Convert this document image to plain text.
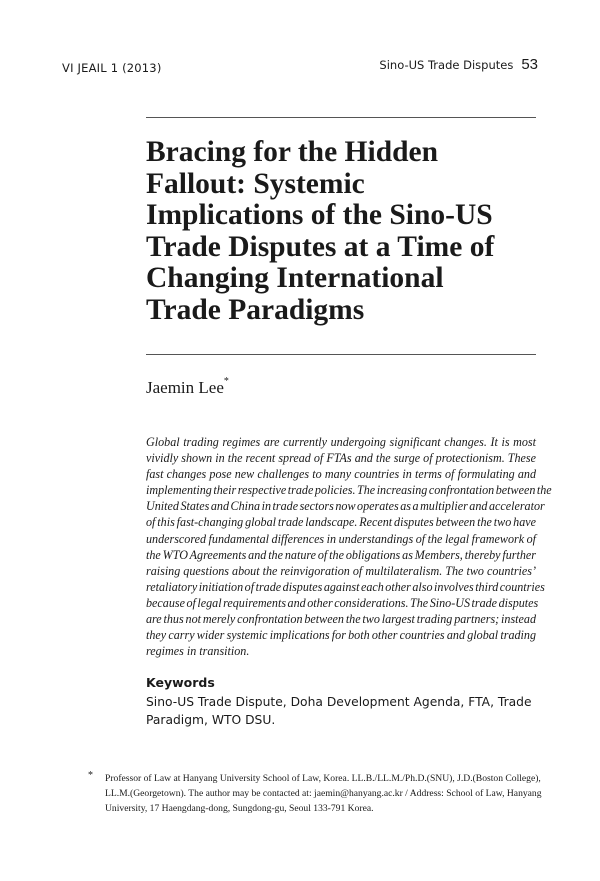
VI JEAIL 1 (2013)	Sino-US Trade Disputes 53
Bracing for the Hidden
Fallout: Systemic
Implications of the Sino-US
Trade Disputes at a Time of
Changing International
Trade Paradigms
Jaemin Lee*

Global trading regimes are currently undergoing significant changes. It is most
vividly shown in the recent spread of FTAs and the surge of protectionism. These
fast changes pose new challenges to many countries in terms of formulating and
implementing their respective trade policies. The increasing confrontation between the
United States and China in trade sectors now operates as a multiplier and accelerator
of this fast-changing global trade landscape. Recent disputes between the two have
underscored fundamental differences in understandings of the legal framework of
the WTO Agreements and the nature of the obligations as Members, thereby further
raising questions about the reinvigoration of multilateralism. The two countries’
retaliatory initiation of trade disputes against each other also involves third countries
because of legal requirements and other considerations. The Sino-US trade disputes
are thus not merely confrontation between the two largest trading partners; instead
they carry wider systemic implications for both other countries and global trading
regimes in transition.

Keywords
Sino-US Trade Dispute, Doha Development Agenda, FTA, Trade
Paradigm, WTO DSU.
* Professor of Law at Hanyang University School of Law, Korea. LL.B./LL.M./Ph.D.(SNU), J.D.(Boston College),
LL.M.(Georgetown). The author may be contacted at: jaemin@hanyang.ac.kr / Address: School of Law, Hanyang
University, 17 Haengdang-dong, Sungdong-gu, Seoul 133-791 Korea.
